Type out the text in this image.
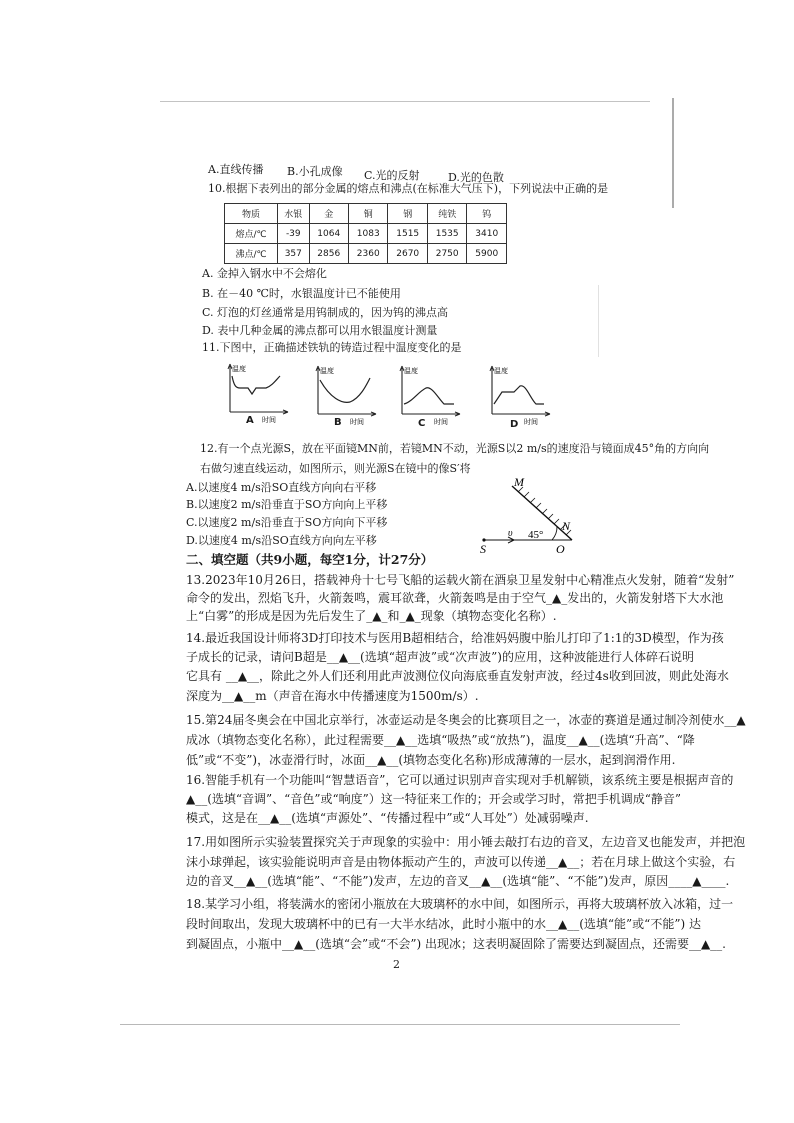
A.直线传播 B.小孔成像 C.光的反射	D.光的色散
10.根据下表列出的部分金属的熔点和沸点(在标准大气压下)，下列说法中正确的是
物质	水银	金	铜	钢	纯铁	钨
熔点/℃	-39	1064	1083	1515	1535	3410
沸点/℃	357	2856	2360	2670	2750	5900
A. 金掉入钢水中不会熔化
B. 在－40 ℃时，水银温度计已不能使用
C. 灯泡的灯丝通常是用钨制成的，因为钨的沸点高
D. 表中几种金属的沸点都可以用水银温度计测量
11.下图中，正确描述铁轨的铸造过程中温度变化的是
温度
时间
A
温度
时间
B
温度
时间
C
温度
时间
D
12.有一个点光源S，放在平面镜MN前，若镜MN不动，光源S以2 m/s的速度沿与镜面成45°角的方向向
右做匀速直线运动，如图所示，则光源S在镜中的像S′将
A.以速度4 m/s沿SO直线方向向右平移
B.以速度2 m/s沿垂直于SO方向向上平移
C.以速度2 m/s沿垂直于SO方向向下平移
D.以速度4 m/s沿SO直线方向向左平移
M
N
S	O
υ 45°
二、填空题（共9小题，每空1分，计27分）
13.2023年10月26日，搭载神舟十七号飞船的运载火箭在酒泉卫星发射中心精准点火发射，随着“发射”
命令的发出，烈焰飞升，火箭轰鸣，震耳欲聋，火箭轰鸣是由于空气_▲_发出的，火箭发射塔下大水池
上“白雾”的形成是因为先后发生了_▲_和_▲_现象（填物态变化名称）.
14.最近我国设计师将3D打印技术与医用B超相结合，给准妈妈腹中胎儿打印了1:1的3D模型，作为孩
子成长的记录，请问B超是__▲__(选填“超声波”或“次声波”)的应用，这种波能进行人体碎石说明
它具有 __▲__，除此之外人们还利用此声波测位仪向海底垂直发射声波，经过4s收到回波，则此处海水
深度为__▲__m（声音在海水中传播速度为1500m/s）.
15.第24届冬奥会在中国北京举行，冰壶运动是冬奥会的比赛项目之一，冰壶的赛道是通过制冷剂使水__▲
成冰（填物态变化名称），此过程需要__▲__选填“吸热”或“放热”)，温度__▲__(选填“升高”、“降
低”或“不变”)，冰壶滑行时，冰面__▲__(填物态变化名称)形成薄薄的一层水，起到润滑作用.
16.智能手机有一个功能叫“智慧语音”，它可以通过识别声音实现对手机解锁，该系统主要是根据声音的
▲__(选填“音调”、“音色”或“响度”）这一特征来工作的；开会或学习时，常把手机调成“静音”
模式，这是在__▲__(选填“声源处”、“传播过程中”或“人耳处”）处减弱噪声.
17.用如图所示实验装置探究关于声现象的实验中：用小锤去敲打右边的音叉，左边音叉也能发声，并把泡
沫小球弹起，该实验能说明声音是由物体振动产生的，声波可以传递__▲__；若在月球上做这个实验，右
边的音叉__▲__(选填“能”、“不能”)发声，左边的音叉__▲__(选填“能”、“不能”)发声，原因____▲____.
18.某学习小组，将装满水的密闭小瓶放在大玻璃杯的水中间，如图所示，再将大玻璃杯放入冰箱，过一
段时间取出，发现大玻璃杯中的已有一大半水结冰，此时小瓶中的水__▲__(选填“能”或“不能”) 达
到凝固点，小瓶中__▲__(选填“会”或“不会”) 出现冰；这表明凝固除了需要达到凝固点，还需要__▲__.
2
